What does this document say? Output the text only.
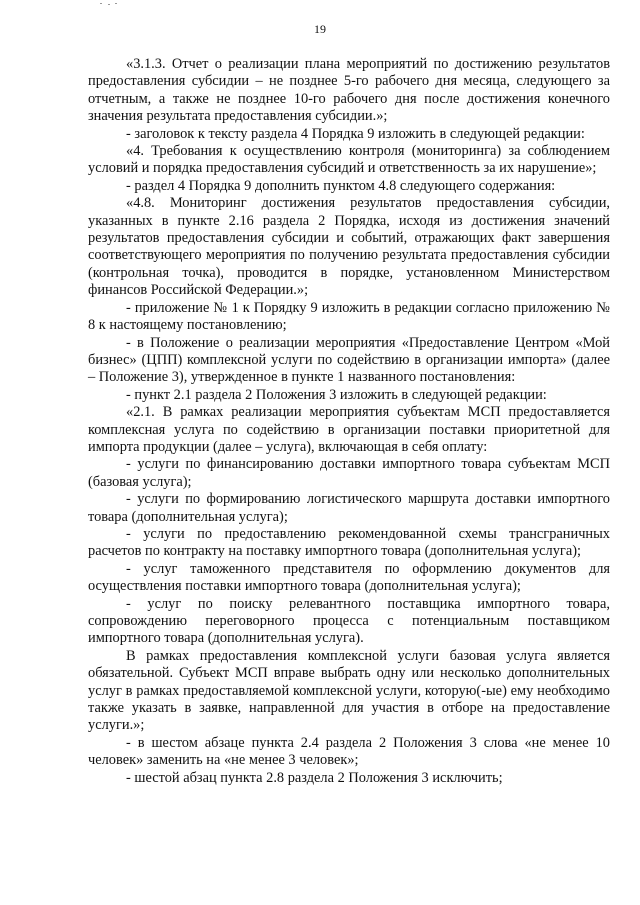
19

«3.1.3. Отчет о реализации плана мероприятий по достижению результатов предоставления субсидии – не позднее 5-го рабочего дня месяца, следующего за отчетным, а также не позднее 10-го рабочего дня после достижения конечного значения результата предоставления субсидии.»;

- заголовок к тексту раздела 4 Порядка 9 изложить в следующей редакции:

«4. Требования к осуществлению контроля (мониторинга) за соблюдением условий и порядка предоставления субсидий и ответственность за их нарушение»;

- раздел 4 Порядка 9 дополнить пунктом 4.8 следующего содержания:

«4.8. Мониторинг достижения результатов предоставления субсидии, указанных в пункте 2.16 раздела 2 Порядка, исходя из достижения значений результатов предоставления субсидии и событий, отражающих факт завершения соответствующего мероприятия по получению результата предоставления субсидии (контрольная точка), проводится в порядке, установленном Министерством финансов Российской Федерации.»;

- приложение № 1 к Порядку 9 изложить в редакции согласно приложению № 8 к настоящему постановлению;

- в Положение о реализации мероприятия «Предоставление Центром «Мой бизнес» (ЦПП) комплексной услуги по содействию в организации импорта» (далее – Положение 3), утвержденное в пункте 1 названного постановления:

- пункт 2.1 раздела 2 Положения 3 изложить в следующей редакции:

«2.1. В рамках реализации мероприятия субъектам МСП предоставляется комплексная услуга по содействию в организации поставки приоритетной для импорта продукции (далее – услуга), включающая в себя оплату:

- услуги по финансированию доставки импортного товара субъектам МСП (базовая услуга);

- услуги по формированию логистического маршрута доставки импортного товара (дополнительная услуга);

- услуги по предоставлению рекомендованной схемы трансграничных расчетов по контракту на поставку импортного товара (дополнительная услуга);

- услуг таможенного представителя по оформлению документов для осуществления поставки импортного товара (дополнительная услуга);

- услуг по поиску релевантного поставщика импортного товара, сопровождению переговорного процесса с потенциальным поставщиком импортного товара (дополнительная услуга).

В рамках предоставления комплексной услуги базовая услуга является обязательной. Субъект МСП вправе выбрать одну или несколько дополнительных услуг в рамках предоставляемой комплексной услуги, которую(-ые) ему необходимо также указать в заявке, направленной для участия в отборе на предоставление услуги.»;

- в шестом абзаце пункта 2.4 раздела 2 Положения 3 слова «не менее 10 человек» заменить на «не менее 3 человек»;

- шестой абзац пункта 2.8 раздела 2 Положения 3 исключить;
